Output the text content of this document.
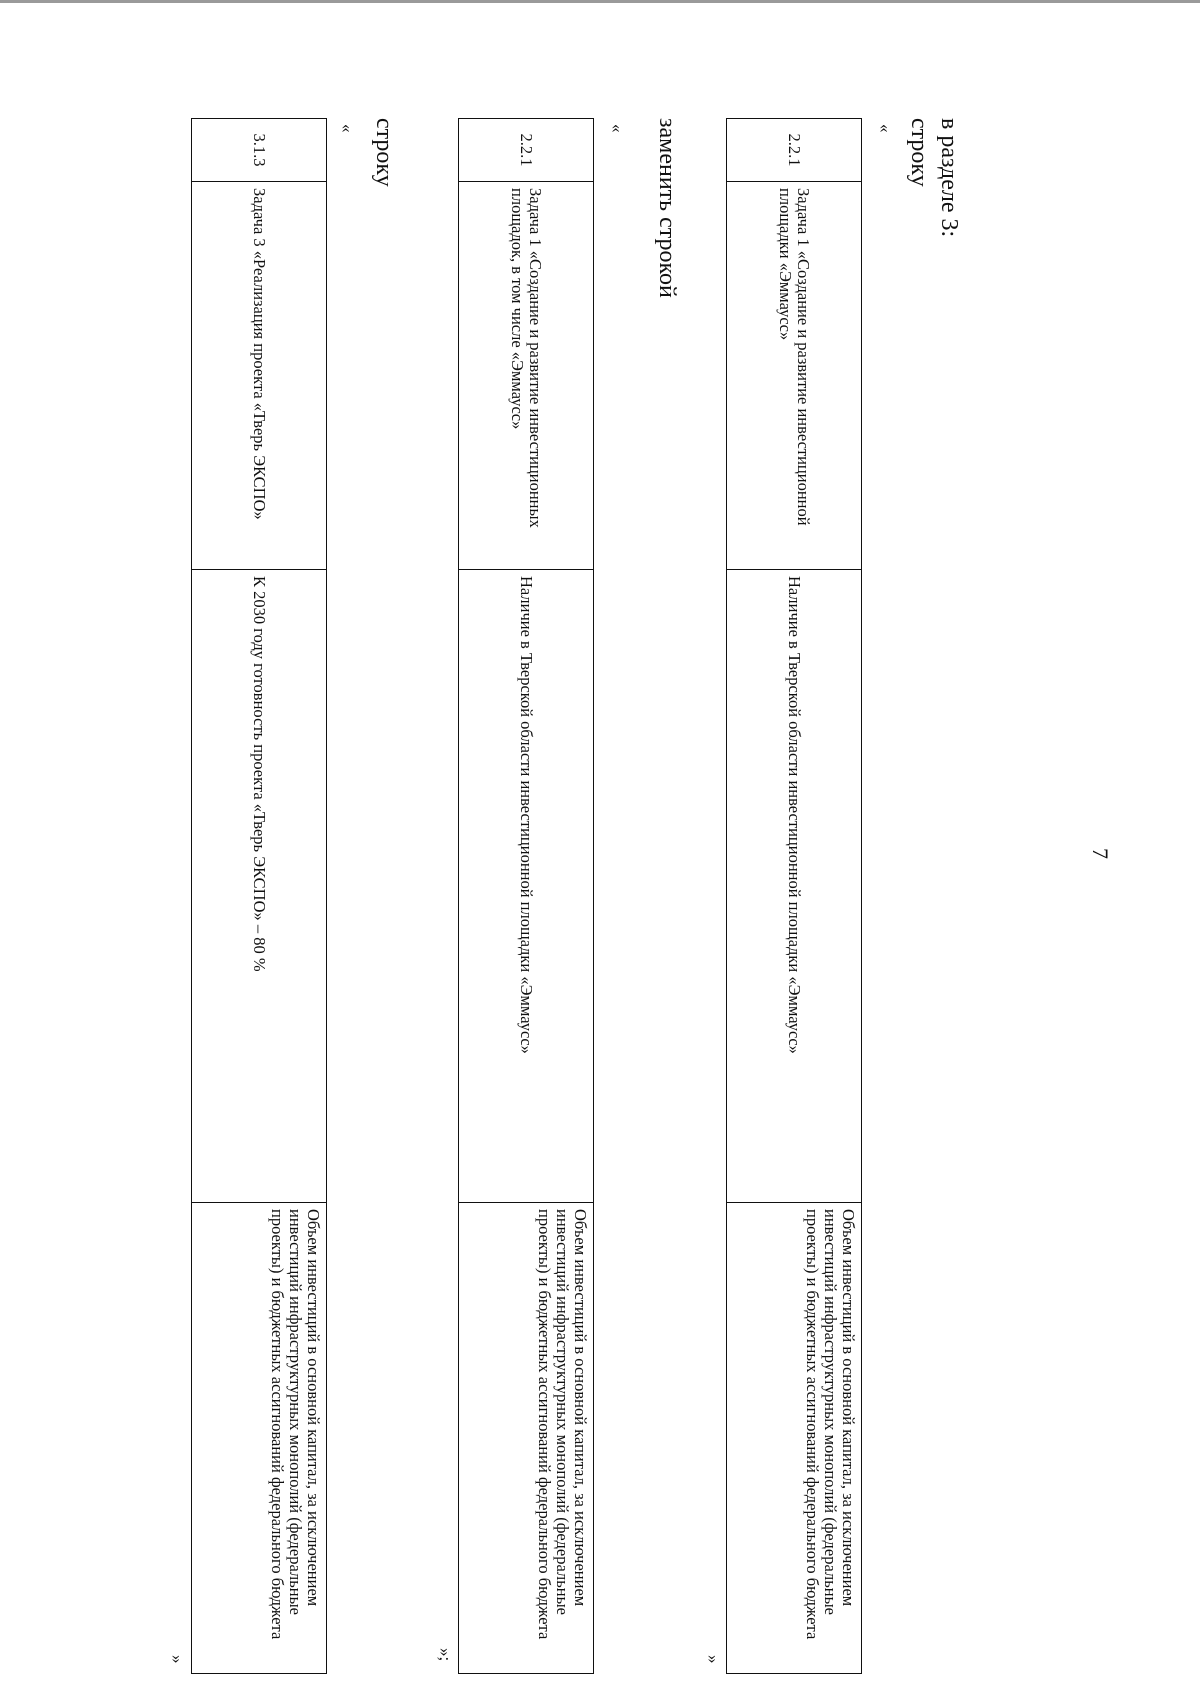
7
в разделе 3:
строку
«
2.2.1	Задача 1 «Создание и развитие инвестиционной площадки «Эммаусс»	Наличие в Тверской области инвестиционной площадки «Эммаусс»	Объем инвестиций в основной капитал, за исключением инвестиций инфраструктурных монополий (федеральные проекты) и бюджетных ассигнований федерального бюджета
»
заменить строкой
«
2.2.1	Задача 1 «Создание и развитие инвестиционных площадок, в том числе «Эммаусс»	Наличие в Тверской области инвестиционной площадки «Эммаусс»	Объем инвестиций в основной капитал, за исключением инвестиций инфраструктурных монополий (федеральные проекты) и бюджетных ассигнований федерального бюджета
»;
строку
«
3.1.3	Задача 3 «Реализация проекта «Тверь ЭКСПО»	К 2030 году готовность проекта «Тверь ЭКСПО» – 80 %	Объем инвестиций в основной капитал, за исключением инвестиций инфраструктурных монополий (федеральные проекты) и бюджетных ассигнований федерального бюджета
»
